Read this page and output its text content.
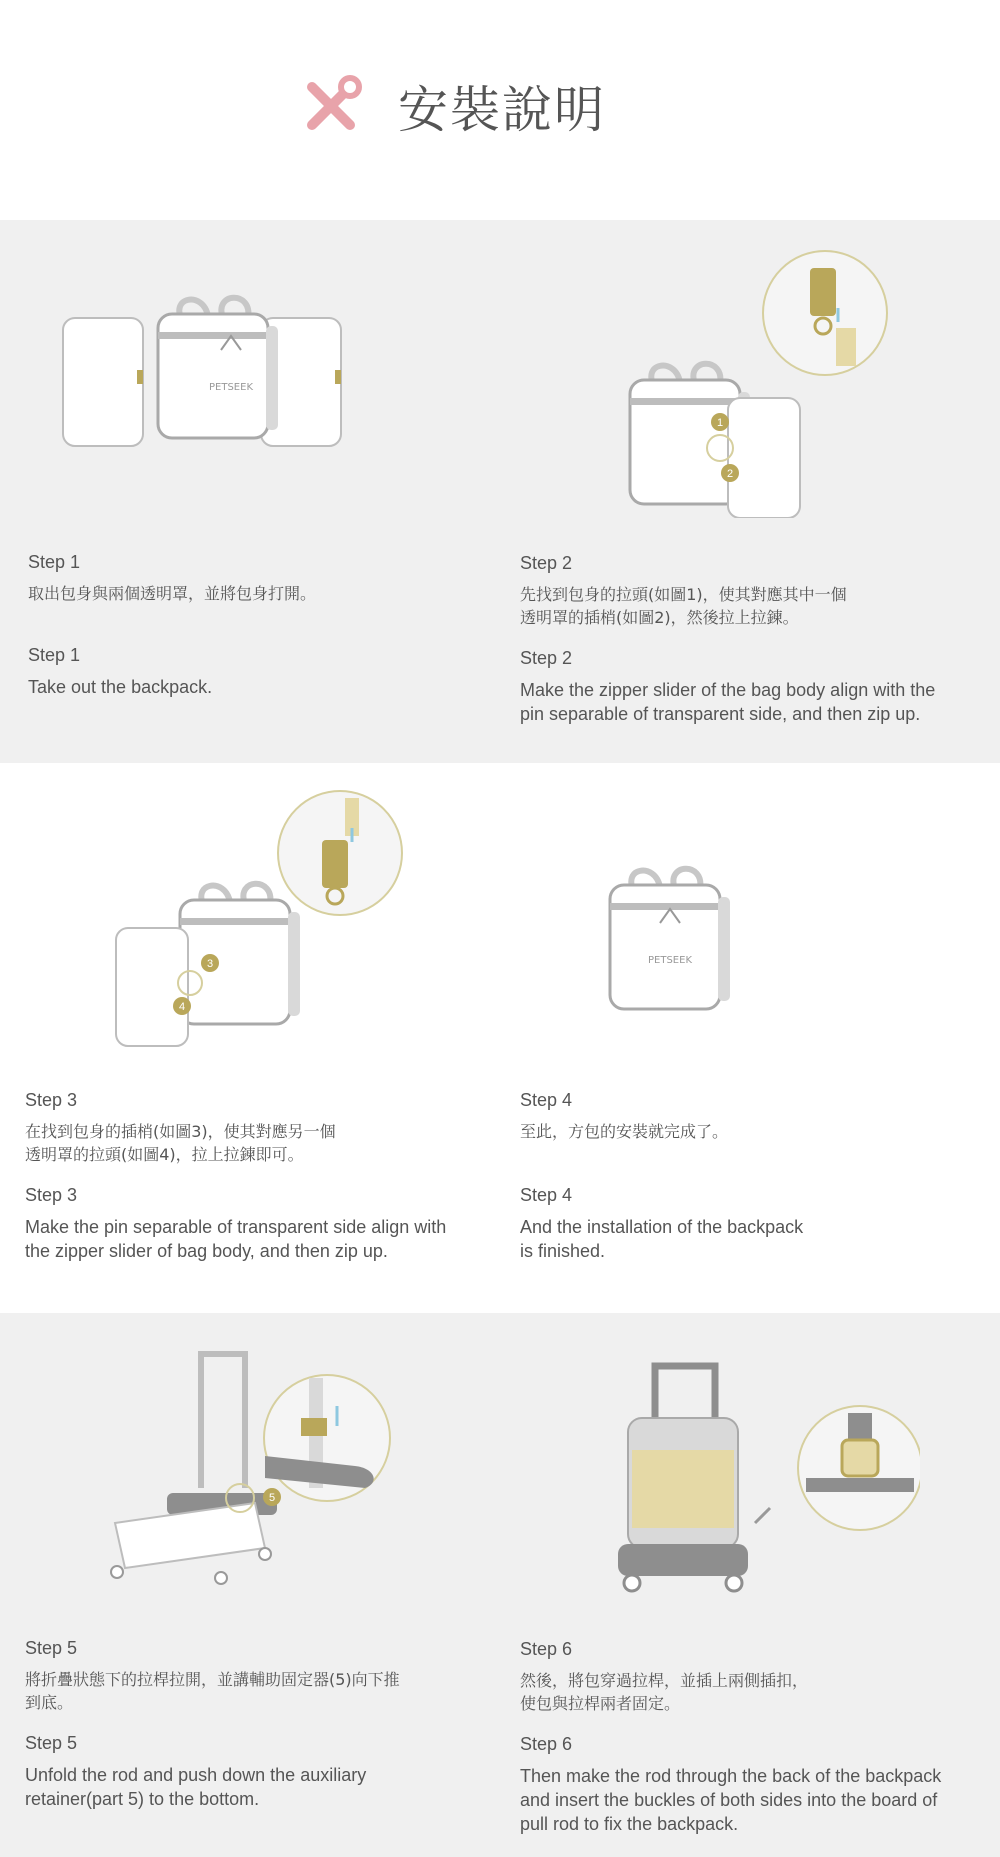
安裝說明
PETSEEK
1
2
Step 1
取出包身與兩個透明罩，並將包身打開。
Step 1
Take out the backpack.
Step 2
先找到包身的拉頭(如圖1)，使其對應其中一個
透明罩的插梢(如圖2)，然後拉上拉鍊。
Step 2
Make the zipper slider of the bag body align with the
pin separable of transparent side, and then zip up.
3
4
PETSEEK
Step 3
在找到包身的插梢(如圖3)，使其對應另一個
透明罩的拉頭(如圖4)，拉上拉鍊即可。
Step 3
Make the pin separable of transparent side align with
the zipper slider of bag body, and then zip up.
Step 4
至此，方包的安裝就完成了。
Step 4
And the installation of the backpack
is finished.
5
Step 5
將折疊狀態下的拉桿拉開，並講輔助固定器(5)向下推
到底。
Step 5
Unfold the rod and push down the auxiliary
retainer(part 5) to the bottom.
Step 6
然後，將包穿過拉桿，並插上兩側插扣，
使包與拉桿兩者固定。
Step 6
Then make the rod through the back of the backpack
and insert the buckles of both sides into the board of
pull rod to fix the backpack.
